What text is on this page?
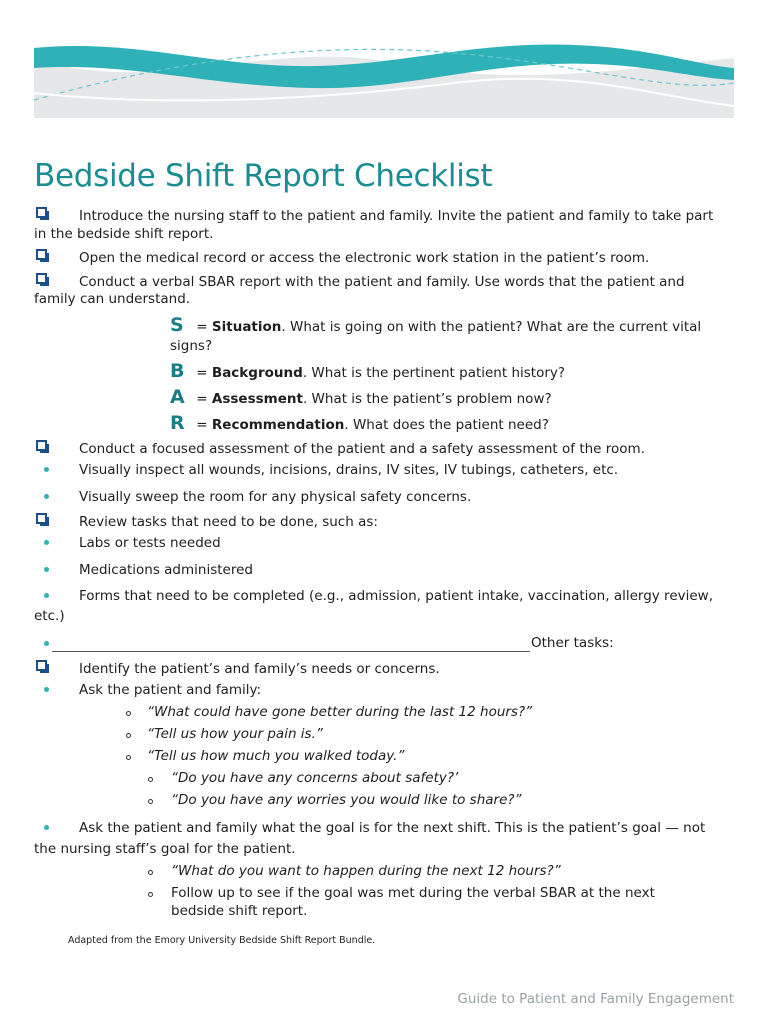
Bedside Shift Report Checklist
Introduce the nursing staff to the patient and family. Invite the patient and family to take part
in the bedside shift report.
Open the medical record or access the electronic work station in the patient’s room.
Conduct a verbal SBAR report with the patient and family. Use words that the patient and
family can understand.
S = Situation. What is going on with the patient? What are the current vital
signs?
B = Background. What is the pertinent patient history?
A = Assessment. What is the patient’s problem now?
R = Recommendation. What does the patient need?
Conduct a focused assessment of the patient and a safety assessment of the room.
Visually inspect all wounds, incisions, drains, IV sites, IV tubings, catheters, etc.
Visually sweep the room for any physical safety concerns.
Review tasks that need to be done, such as:
Labs or tests needed
Medications administered
Forms that need to be completed (e.g., admission, patient intake, vaccination, allergy review,
etc.)
Other tasks:
Identify the patient’s and family’s needs or concerns.
Ask the patient and family:
“What could have gone better during the last 12 hours?”
“Tell us how your pain is.”
“Tell us how much you walked today.”
“Do you have any concerns about safety?’
“Do you have any worries you would like to share?”
Ask the patient and family what the goal is for the next shift. This is the patient’s goal — not
the nursing staff’s goal for the patient.
“What do you want to happen during the next 12 hours?”
Follow up to see if the goal was met during the verbal SBAR at the next
bedside shift report.
Adapted from the Emory University Bedside Shift Report Bundle.
Guide to Patient and Family Engagement
